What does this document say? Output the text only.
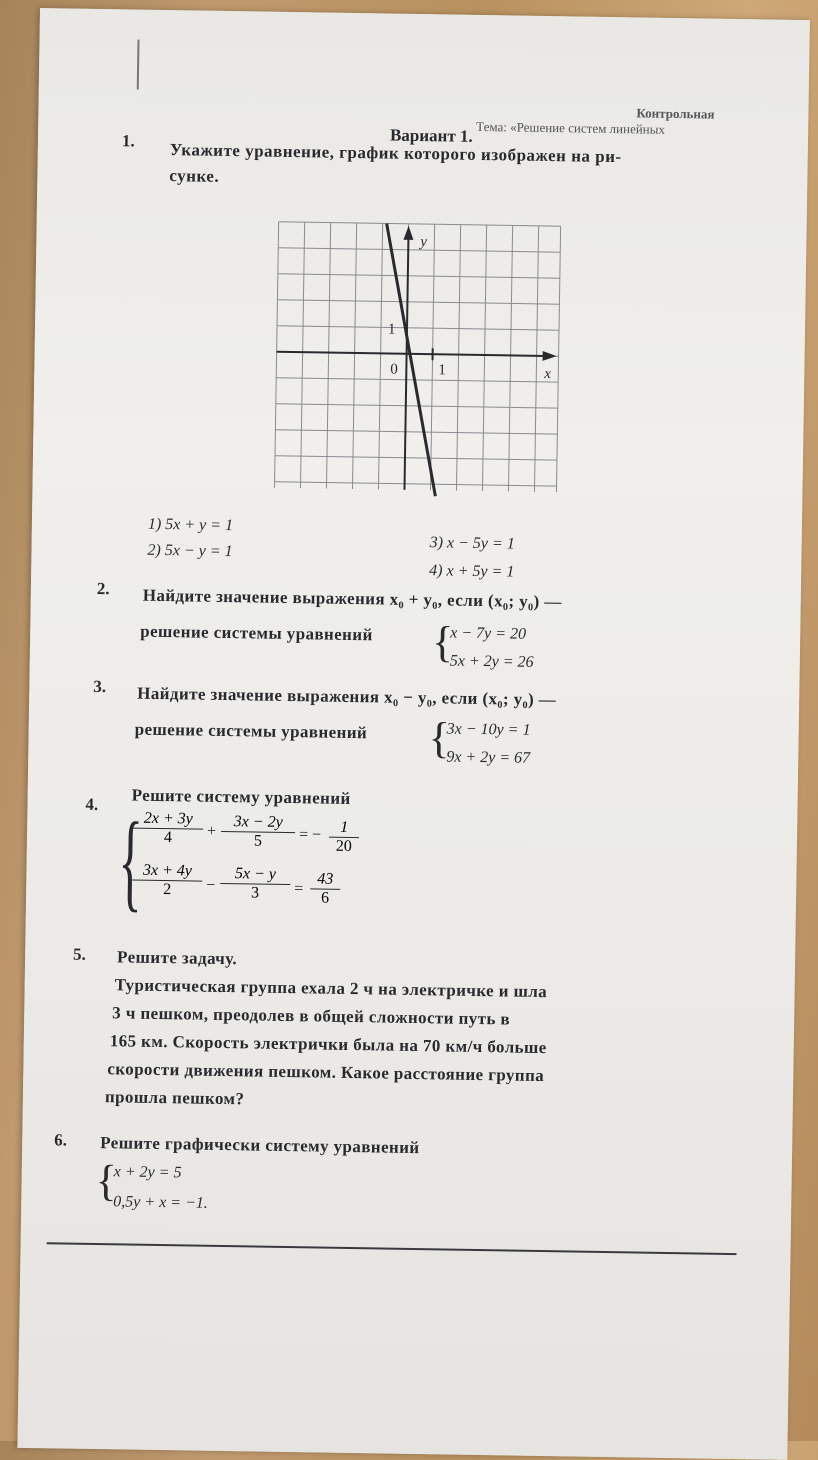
Контрольная
Тема: «Решение систем линейных
Вариант 1.
1. Укажите уравнение, график которого изображен на ри-
сунке.
y
x
0	1
1
1) 5x + y = 1
2) 5x − y = 1	3) x − 5y = 1
4) x + 5y = 1
2. Найдите значение выражения x₀ + y₀, если (x₀; y₀) —
решение системы уравнений {
x − 7y = 20
5x + 2y = 26
3. Найдите значение выражения x₀ − y₀, если (x₀; y₀) —
решение системы уравнений {
3x − 10y = 1
9x + 2y = 67
4. Решите систему уравнений
{
$\frac{2x + 3y}{4} + \frac{3x - 2y}{5}$ = − $\frac{1}{20}$
$\frac{3x + 4y}{2} - \frac{5x - y}{3} = \frac{43}{6}$
5. Решите задачу.
Туристическая группа ехала 2 ч на электричке и шла
3 ч пешком, преодолев в общей сложности путь в
165 км. Скорость электрички была на 70 км/ч больше
скорости движения пешком. Какое расстояние группа
прошла пешком?
6. Решите графически систему уравнений
{
x + 2y = 5
0,5y + x = −1.
